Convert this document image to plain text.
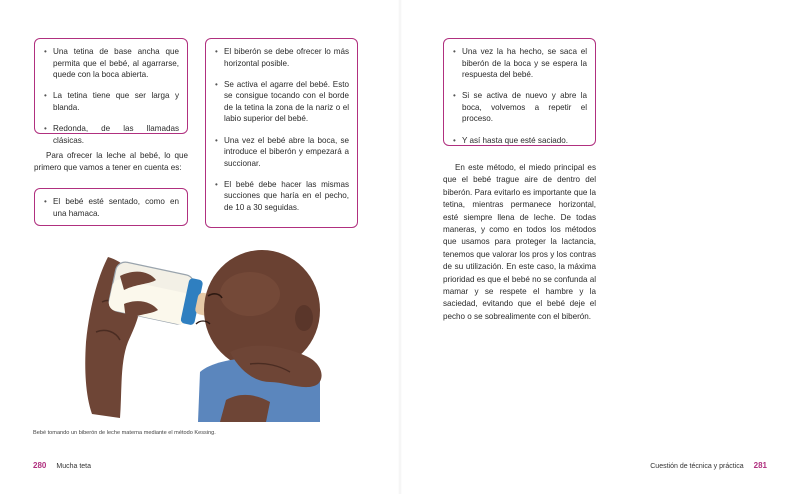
• Una tetina de base ancha que permita que el bebé, al agarrarse, quede con la boca abierta.
• La tetina tiene que ser larga y blanda.
• Redonda, de las llamadas clásicas.

Para ofrecer la leche al bebé, lo que primero que vamos a tener en cuenta es:

• El bebé esté sentado, como en una hamaca.
• El biberón se debe ofrecer lo más horizontal posible.
• Se activa el agarre del bebé. Esto se consigue tocando con el borde de la tetina la zona de la nariz o el labio superior del bebé.
• Una vez el bebé abre la boca, se introduce el biberón y empezará a succionar.
• El bebé debe hacer las mismas succiones que haría en el pecho, de 10 a 30 seguidas.

Bebé tomando un biberón de leche materna mediante el método Kessing.

280 Mucha teta
• Una vez la ha hecho, se saca el biberón de la boca y se espera la respuesta del bebé.
• Si se activa de nuevo y abre la boca, volvemos a repetir el proceso.
• Y así hasta que esté saciado.

En este método, el miedo principal es que el bebé trague aire de dentro del biberón. Para evitarlo es importante que la tetina, mientras permanece horizontal, esté siempre llena de leche. De todas maneras, y como en todos los métodos que usamos para proteger la lactancia, tenemos que valorar los pros y los contras de su utilización. En este caso, la máxima prioridad es que el bebé no se confunda al mamar y se respete el hambre y la saciedad, evitando que el bebé deje el pecho o se sobrealimente con el biberón.

Cuestión de técnica y práctica 281
